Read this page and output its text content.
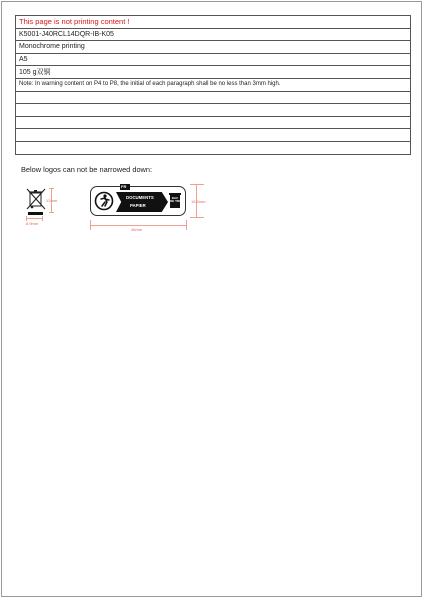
This page is not printing content !
K5001-J40RCL14DQR-IB-K05
Monochrome printing
A5
105 g双铜
Note: In warning content on P4 to P8, the initial of each paragraph shall be no less than 3mm high.

Below logos can not be narrowed down:
12mm
8.9mm
FR
DOCUMENTS
PAPIER
BAC DE TRI	15.5mm
46mm
